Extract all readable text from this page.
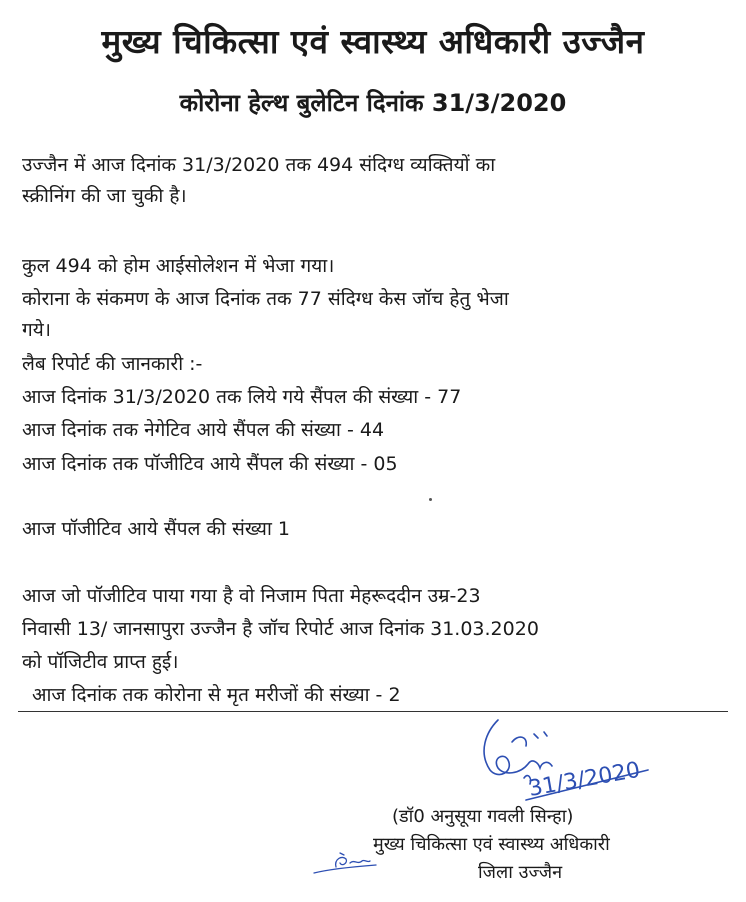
मुख्य चिकित्सा एवं स्वास्थ्य अधिकारी उज्जैन
कोरोना हेल्थ बुलेटिन दिनांक 31/3/2020
उज्जैन में आज दिनांक 31/3/2020 तक 494 संदिग्ध व्यक्तियों का
स्क्रीनिंग की जा चुकी है।
कुल 494 को होम आईसोलेशन में भेजा गया।
कोराना के संकमण के आज दिनांक तक 77 संदिग्ध केस जॉच हेतु भेजा
गये।
लैब रिपोर्ट की जानकारी :-
आज दिनांक 31/3/2020 तक लिये गये सैंपल की संख्या - 77
आज दिनांक तक नेगेटिव आये सैंपल की संख्या - 44
आज दिनांक तक पॉजीटिव आये सैंपल की संख्या - 05
आज पॉजीटिव आये सैंपल की संख्या 1
आज जो पॉजीटिव पाया गया है वो निजाम पिता मेहरूददीन उम्र-23
निवासी 13/ जानसापुरा उज्जैन है जॉच रिपोर्ट आज दिनांक 31.03.2020
को पॉजिटीव प्राप्त हुई।
आज दिनांक तक कोरोना से मृत मरीजों की संख्या - 2
31/3/2020
(डॉ0 अनुसूया गवली सिन्हा)
मुख्य चिकित्सा एवं स्वास्थ्य अधिकारी
जिला उज्जैन
